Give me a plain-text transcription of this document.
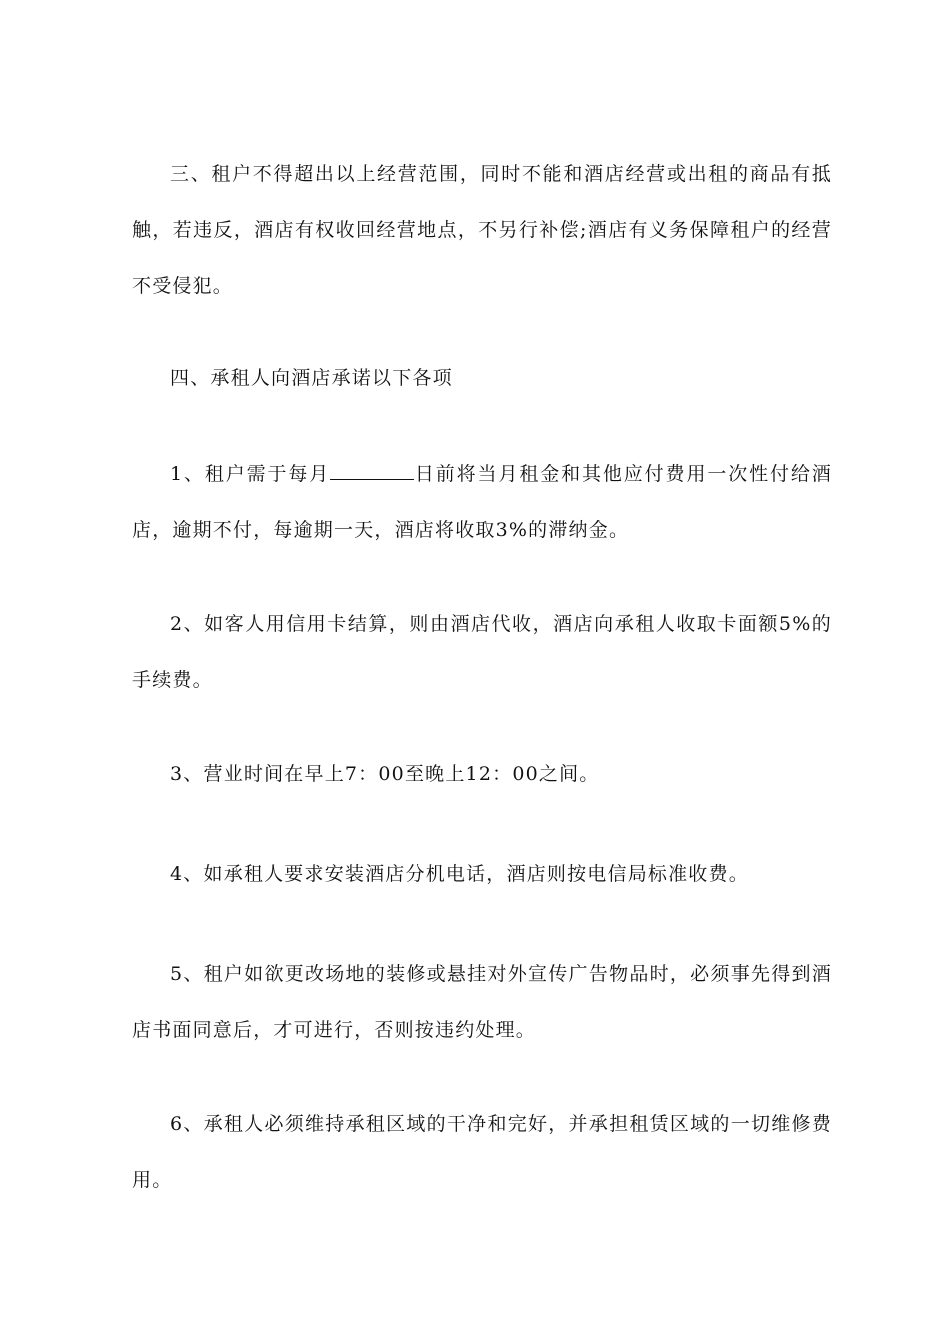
三、租户不得超出以上经营范围，同时不能和酒店经营或出租的商品有抵触，若违反，酒店有权收回经营地点，不另行补偿;酒店有义务保障租户的经营不受侵犯。

四、承租人向酒店承诺以下各项

1、租户需于每月	日前将当月租金和其他应付费用一次性付给酒店，逾期不付，每逾期一天，酒店将收取3%的滞纳金。

2、如客人用信用卡结算，则由酒店代收，酒店向承租人收取卡面额5%的手续费。

3、营业时间在早上7：00至晚上12：00之间。

4、如承租人要求安装酒店分机电话，酒店则按电信局标准收费。

5、租户如欲更改场地的装修或悬挂对外宣传广告物品时，必须事先得到酒店书面同意后，才可进行，否则按违约处理。

6、承租人必须维持承租区域的干净和完好，并承担租赁区域的一切维修费用。
